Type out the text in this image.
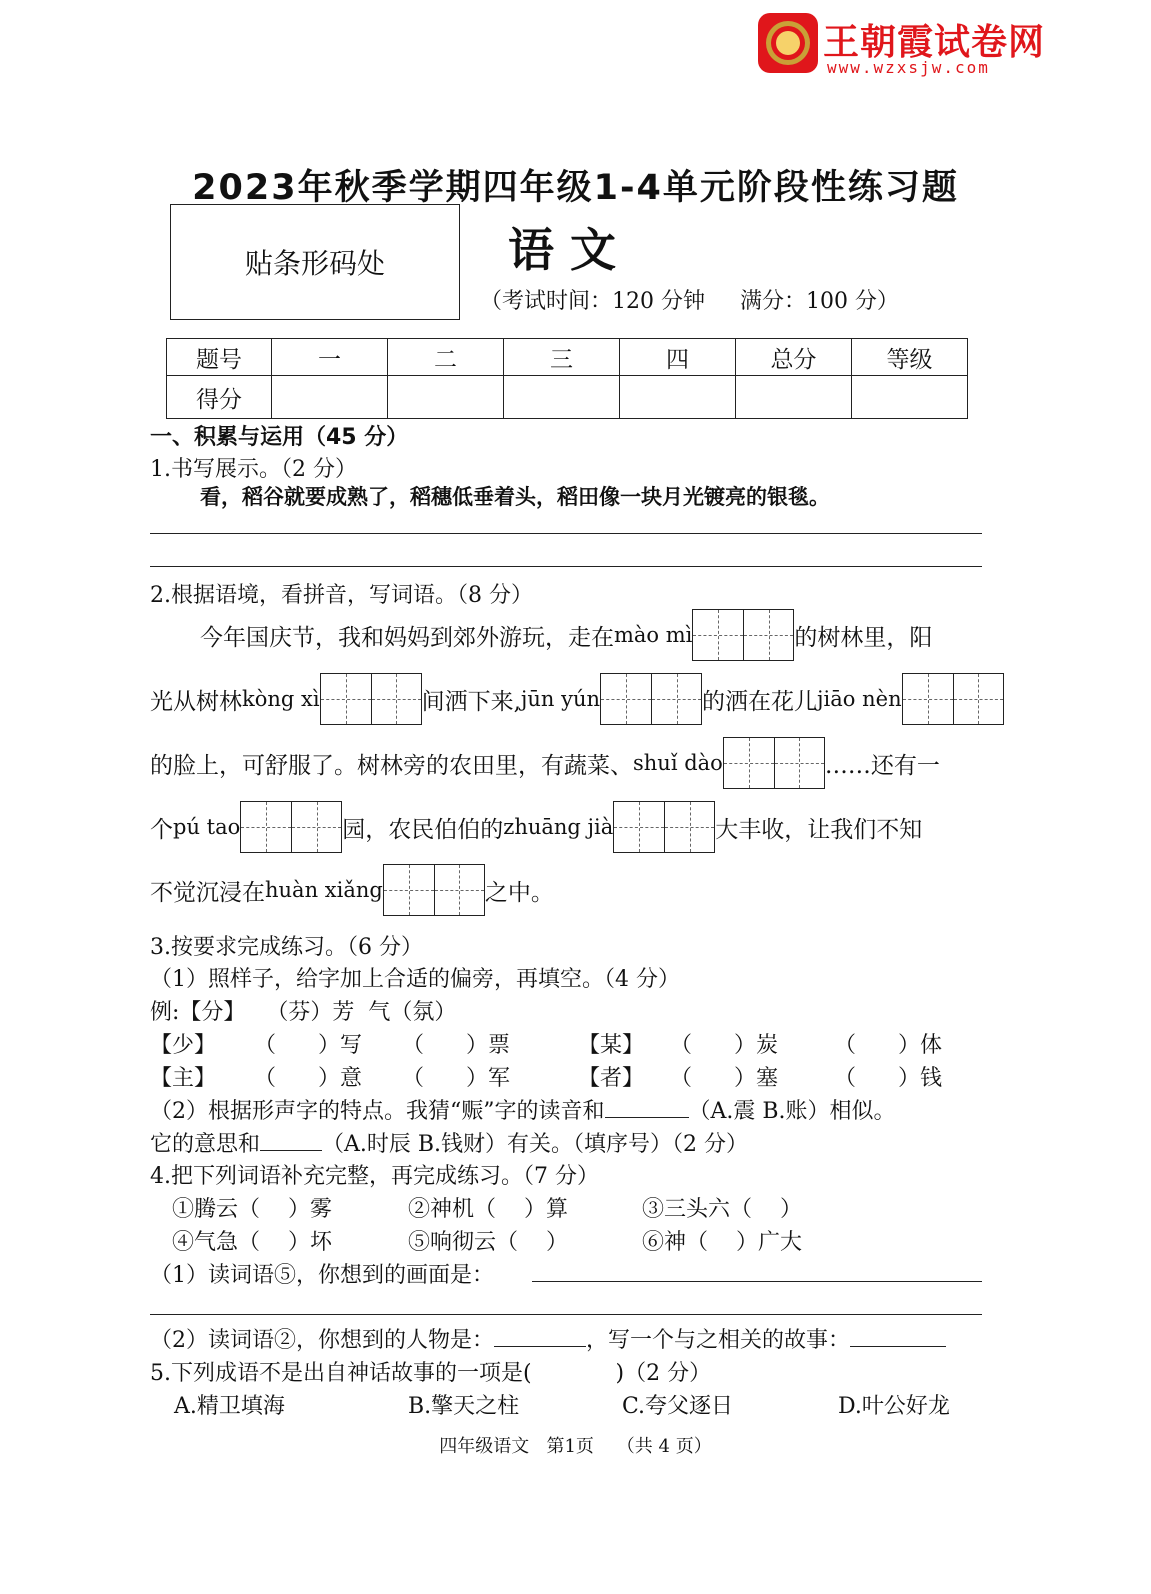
王朝霞试卷网
www.wzxsjw.com
2023年秋季学期四年级1-4单元阶段性练习题
贴条形码处	语文
（考试时间：120 分钟     满分：100 分）
题号	一	二	三	四	总分	等级
得分						
一、积累与运用（45 分）
1.书写展示。（2 分）
看，稻谷就要成熟了，稻穗低垂着头，稻田像一块月光镀亮的银毯。
2.根据语境，看拼音，写词语。（8 分）
今年国庆节，我和妈妈到郊外游玩，走在 mào mì	的树林里，阳
光从树林 kòng xì	间洒下来, jūn yún	的洒在花儿 jiāo nèn
的脸上，可舒服了。树林旁的农田里，有蔬菜、 shuǐ dào	……还有一
个 pú tao	园，农民伯伯的 zhuāng jià	大丰收，让我们不知
不觉沉浸在 huàn xiǎng	之中。
3.按要求完成练习。（6 分）
（1）照样子，给字加上合适的偏旁，再填空。（4 分）
例:【分】   （芬）芳  气（氛）
【少】 （      ）写 （      ）票	【某】 （      ）炭	（      ）体
【主】 （      ）意 （      ）军	【者】 （      ）塞	（      ）钱
（2）根据形声字的特点。我猜“赈”字的读音和	（A.震 B.账）相似。
它的意思和	（A.时辰 B.钱财）有关。（填序号）（2 分）
4.把下列词语补充完整，再完成练习。（7 分）
①腾云（    ）雾	②神机（    ）算	③三头六（    ）
④气急（    ）坏	⑤响彻云（    ）	⑥神（    ）广大
（1）读词语⑤，你想到的画面是：
（2）读词语②，你想到的人物是：	，写一个与之相关的故事：
5.下列成语不是出自神话故事的一项是(            )（2 分）
A.精卫填海	B.擎天之柱	C.夸父逐日	D.叶公好龙
四年级语文   第1页    （共 4 页）
